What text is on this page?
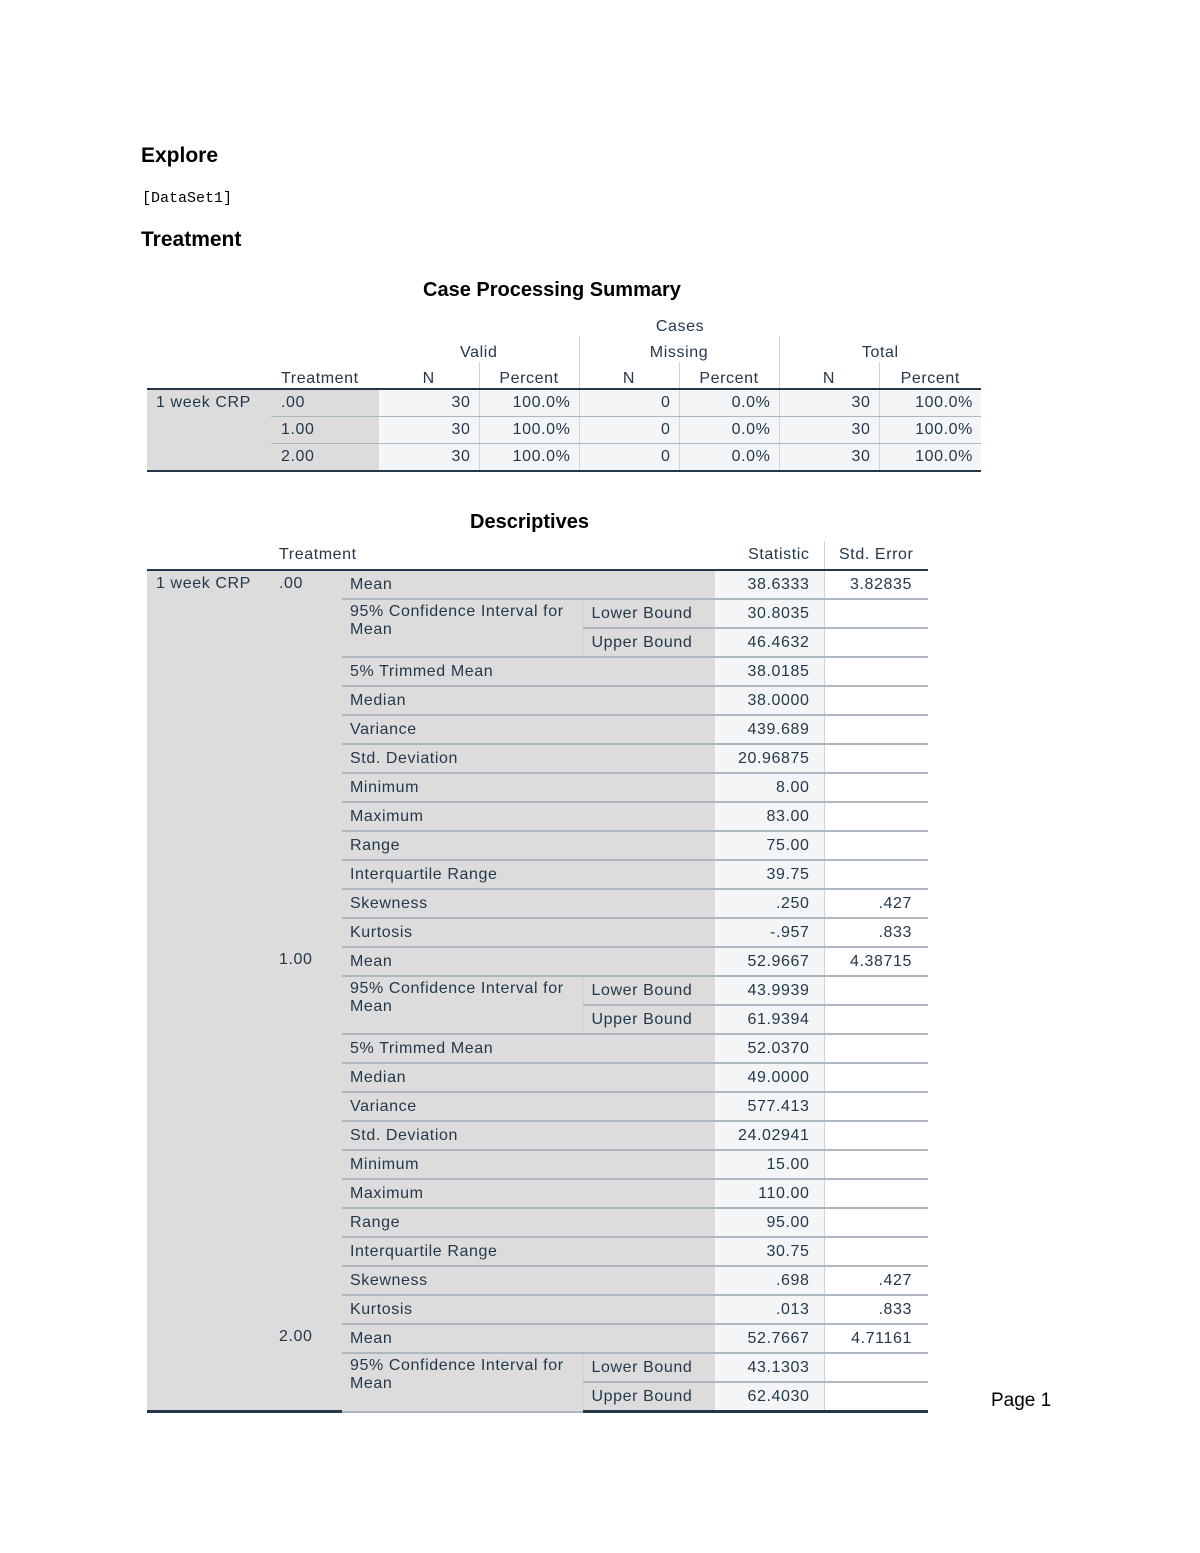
Explore
[DataSet1]
Treatment
Case Processing Summary
		Cases					
		Valid		Missing		Total	
	Treatment	N	Percent	N	Percent	N	Percent
1 week CRP	.00	30	100.0%	0	0.0%	30	100.0%
	1.00	30	100.0%	0	0.0%	30	100.0%
	2.00	30	100.0%	0	0.0%	30	100.0%
Descriptives
	Treatment			Statistic	Std. Error
1 week CRP	.00	Mean		38.6333	3.82835
		95% Confidence Interval for Mean	Lower Bound	30.8035	
			Upper Bound	46.4632	
		5% Trimmed Mean		38.0185	
		Median		38.0000	
		Variance		439.689	
		Std. Deviation		20.96875	
		Minimum		8.00	
		Maximum		83.00	
		Range		75.00	
		Interquartile Range		39.75	
		Skewness		.250	.427
		Kurtosis		-.957	.833
	1.00	Mean		52.9667	4.38715
		95% Confidence Interval for Mean	Lower Bound	43.9939	
			Upper Bound	61.9394	
		5% Trimmed Mean		52.0370	
		Median		49.0000	
		Variance		577.413	
		Std. Deviation		24.02941	
		Minimum		15.00	
		Maximum		110.00	
		Range		95.00	
		Interquartile Range		30.75	
		Skewness		.698	.427
		Kurtosis		.013	.833
	2.00	Mean		52.7667	4.71161
		95% Confidence Interval for Mean	Lower Bound	43.1303	
			Upper Bound	62.4030		Page 1
